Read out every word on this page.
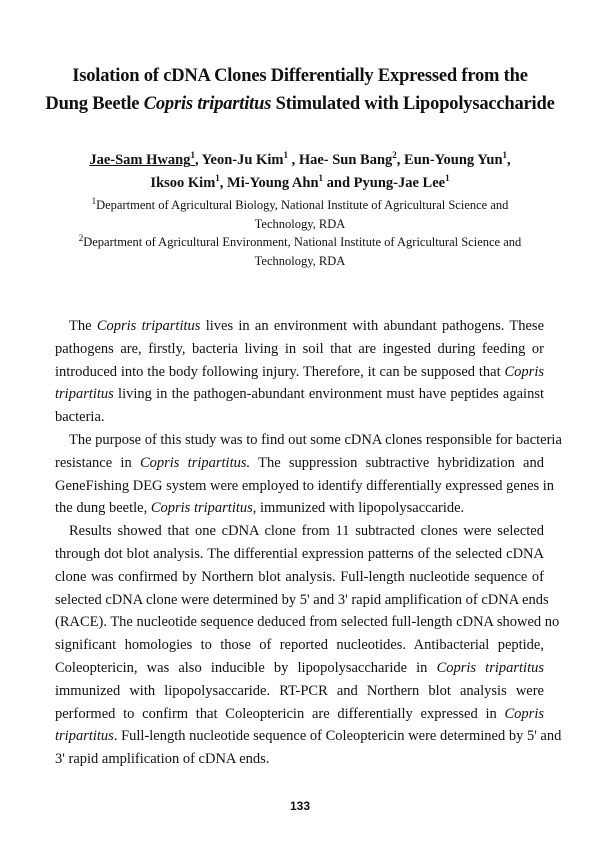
Isolation of cDNA Clones Differentially Expressed from the
Dung Beetle Copris tripartitus Stimulated with Lipopolysaccharide
Jae-Sam Hwang$^1$, Yeon-Ju Kim$^1$ , Hae- Sun Bang$^2$, Eun-Young Yun$^1$,
Iksoo Kim$^1$, Mi-Young Ahn$^1$ and Pyung-Jae Lee$^1$
$^1$Department of Agricultural Biology, National Institute of Agricultural Science and
Technology, RDA
$^2$Department of Agricultural Environment, National Institute of Agricultural Science and
Technology, RDA
The Copris tripartitus lives in an environment with abundant pathogens. These
pathogens are, firstly, bacteria living in soil that are ingested during feeding or
introduced into the body following injury. Therefore, it can be supposed that Copris
tripartitus living in the pathogen-abundant environment must have peptides against
bacteria.
The purpose of this study was to find out some cDNA clones responsible for bacteria
resistance in Copris tripartitus. The suppression subtractive hybridization and
GeneFishing DEG system were employed to identify differentially expressed genes in
the dung beetle, Copris tripartitus, immunized with lipopolysaccaride.
Results showed that one cDNA clone from 11 subtracted clones were selected
through dot blot analysis. The differential expression patterns of the selected cDNA
clone was confirmed by Northern blot analysis. Full-length nucleotide sequence of
selected cDNA clone were determined by 5' and 3' rapid amplification of cDNA ends
(RACE). The nucleotide sequence deduced from selected full-length cDNA showed no
significant homologies to those of reported nucleotides. Antibacterial peptide,
Coleoptericin, was also inducible by lipopolysaccharide in Copris tripartitus
immunized with lipopolysaccaride. RT-PCR and Northern blot analysis were
performed to confirm that Coleoptericin are differentially expressed in Copris
tripartitus. Full-length nucleotide sequence of Coleoptericin were determined by 5' and
3' rapid amplification of cDNA ends.
133
